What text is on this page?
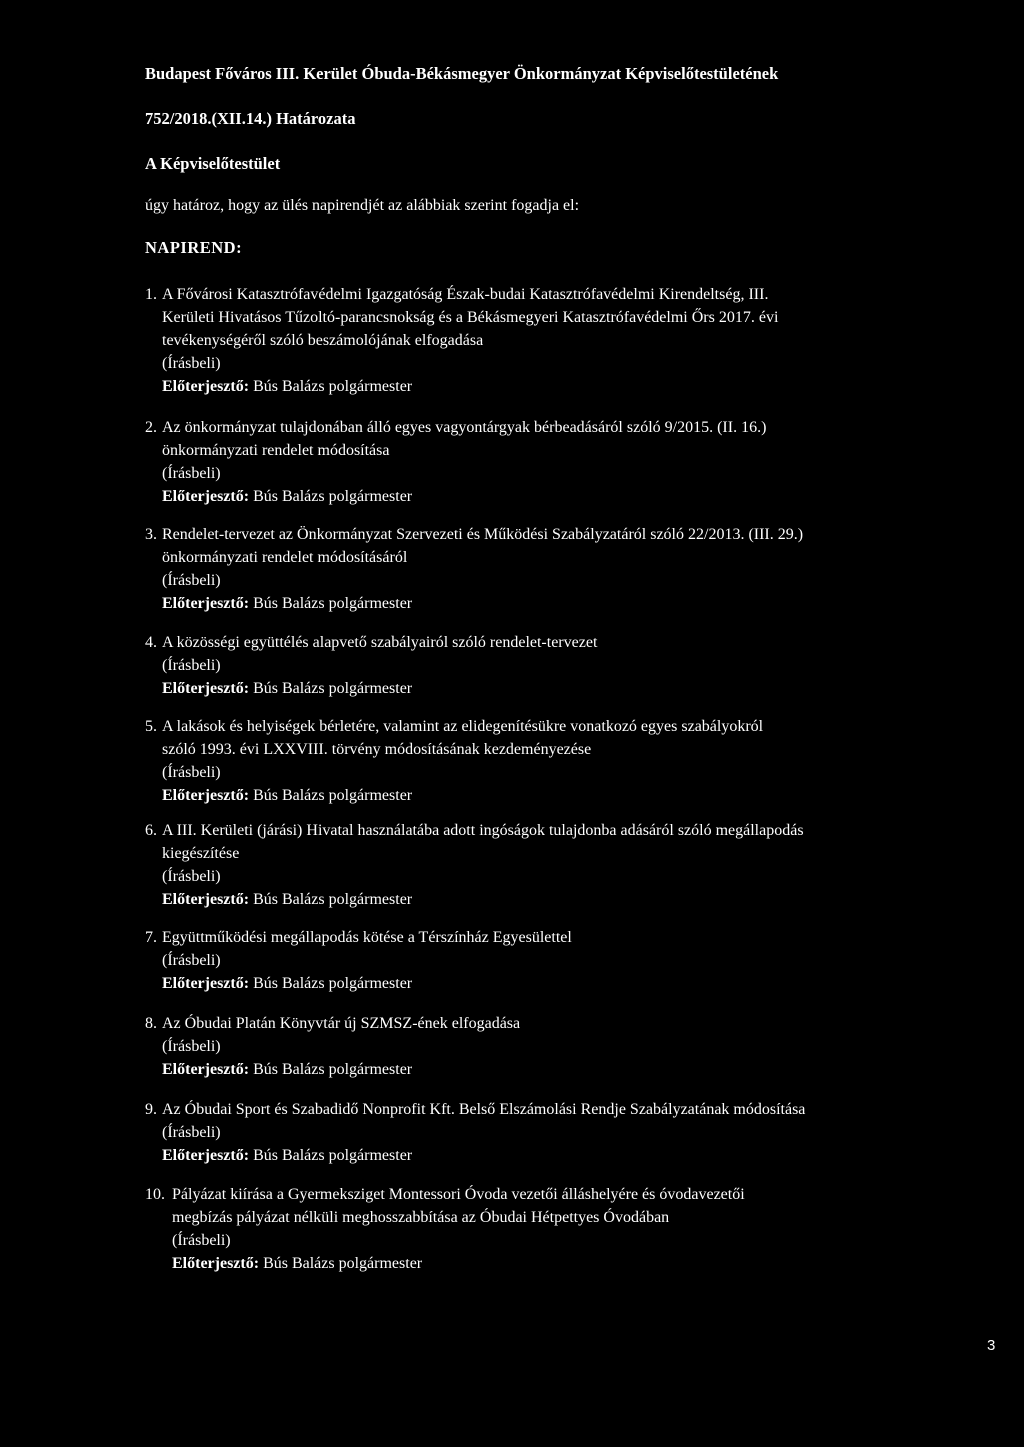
Budapest Főváros III. Kerület Óbuda-Békásmegyer Önkormányzat Képviselőtestületének
752/2018.(XII.14.) Határozata
A Képviselőtestület
úgy határoz, hogy az ülés napirendjét az alábbiak szerint fogadja el:
NAPIREND:
1. A Fővárosi Katasztrófavédelmi Igazgatóság Észak-budai Katasztrófavédelmi Kirendeltség, III.
Kerületi Hivatásos Tűzoltó-parancsnokság és a Békásmegyeri Katasztrófavédelmi Őrs 2017. évi
tevékenységéről szóló beszámolójának elfogadása
(Írásbeli)
Előterjesztő: Bús Balázs polgármester
2. Az önkormányzat tulajdonában álló egyes vagyontárgyak bérbeadásáról szóló 9/2015. (II. 16.)
önkormányzati rendelet módosítása
(Írásbeli)
Előterjesztő: Bús Balázs polgármester
3. Rendelet-tervezet az Önkormányzat Szervezeti és Működési Szabályzatáról szóló 22/2013. (III. 29.)
önkormányzati rendelet módosításáról
(Írásbeli)
Előterjesztő: Bús Balázs polgármester
4. A közösségi együttélés alapvető szabályairól szóló rendelet-tervezet
(Írásbeli)
Előterjesztő: Bús Balázs polgármester
5. A lakások és helyiségek bérletére, valamint az elidegenítésükre vonatkozó egyes szabályokról
szóló 1993. évi LXXVIII. törvény módosításának kezdeményezése
(Írásbeli)
Előterjesztő: Bús Balázs polgármester
6. A III. Kerületi (járási) Hivatal használatába adott ingóságok tulajdonba adásáról szóló megállapodás
kiegészítése
(Írásbeli)
Előterjesztő: Bús Balázs polgármester
7. Együttműködési megállapodás kötése a Térszínház Egyesülettel
(Írásbeli)
Előterjesztő: Bús Balázs polgármester
8. Az Óbudai Platán Könyvtár új SZMSZ-ének elfogadása
(Írásbeli)
Előterjesztő: Bús Balázs polgármester
9. Az Óbudai Sport és Szabadidő Nonprofit Kft. Belső Elszámolási Rendje Szabályzatának módosítása
(Írásbeli)
Előterjesztő: Bús Balázs polgármester
10. Pályázat kiírása a Gyermeksziget Montessori Óvoda vezetői álláshelyére és óvodavezetői
megbízás pályázat nélküli meghosszabbítása az Óbudai Hétpettyes Óvodában
(Írásbeli)
Előterjesztő: Bús Balázs polgármester
3
